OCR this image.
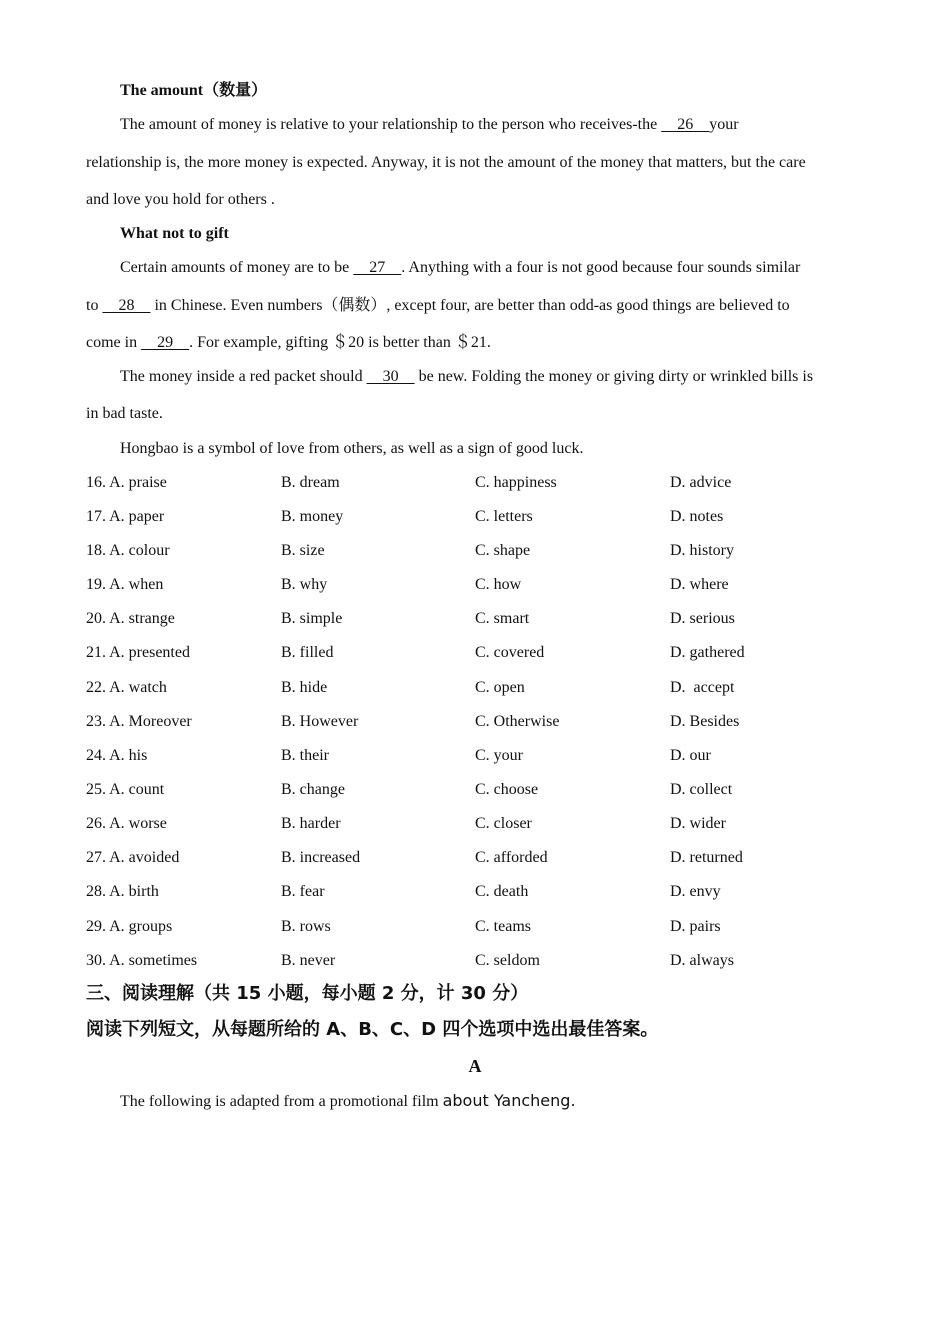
The amount（数量）
The amount of money is relative to your relationship to the person who receives-the     26    your
relationship is, the more money is expected. Anyway, it is not the amount of the money that matters, but the care
and love you hold for others .
What not to gift
Certain amounts of money are to be     27    . Anything with a four is not good because four sounds similar
to     28     in Chinese. Even numbers（偶数）, except four, are better than odd-as good things are believed to
come in     29    . For example, gifting ＄20 is better than ＄21.
The money inside a red packet should     30     be new. Folding the money or giving dirty or wrinkled bills is
in bad taste.
Hongbao is a symbol of love from others, as well as a sign of good luck.
16. A. praise	B. dream	C. happiness	D. advice
17. A. paper	B. money	C. letters	D. notes
18. A. colour	B. size	C. shape	D. history
19. A. when	B. why	C. how	D. where
20. A. strange	B. simple	C. smart	D. serious
21. A. presented	B. filled	C. covered	D. gathered
22. A. watch	B. hide	C. open	D.  accept
23. A. Moreover	B. However	C. Otherwise	D. Besides
24. A. his	B. their	C. your	D. our
25. A. count	B. change	C. choose	D. collect
26. A. worse	B. harder	C. closer	D. wider
27. A. avoided	B. increased	C. afforded	D. returned
28. A. birth	B. fear	C. death	D. envy
29. A. groups	B. rows	C. teams	D. pairs
30. A. sometimes	B. never	C. seldom	D. always
三、阅读理解（共 15 小题，每小题 2 分，计 30 分）
阅读下列短文，从每题所给的 A、B、C、D 四个选项中选出最佳答案。
A
The following is adapted from a promotional film about Yancheng.
